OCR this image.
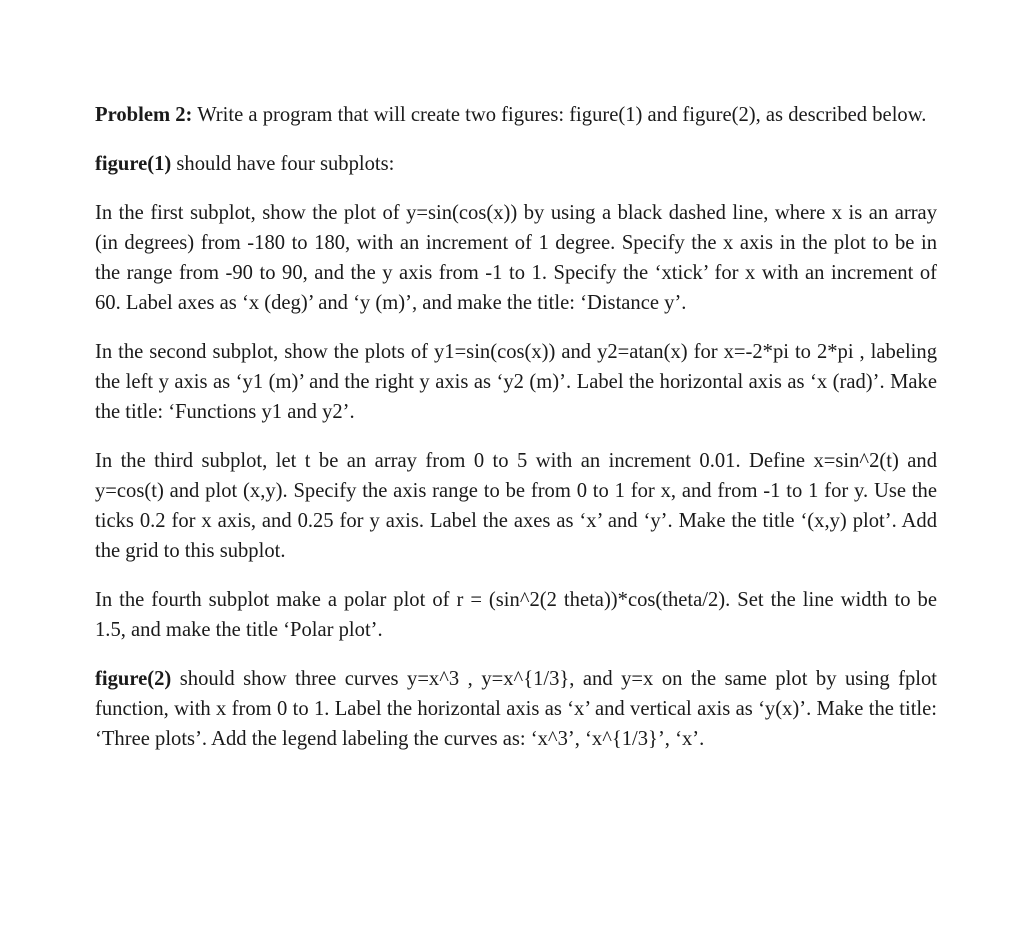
Problem 2: Write a program that will create two figures: figure(1) and figure(2), as described below.

figure(1) should have four subplots:

In the first subplot, show the plot of y=sin(cos(x)) by using a black dashed line, where x is an array (in degrees) from -180 to 180, with an increment of 1 degree. Specify the x axis in the plot to be in the range from -90 to 90, and the y axis from -1 to 1. Specify the ‘xtick’ for x with an increment of 60. Label axes as ‘x (deg)’ and ‘y (m)’, and make the title: ‘Distance y’.

In the second subplot, show the plots of y1=sin(cos(x)) and y2=atan(x) for x=-2*pi to 2*pi , labeling the left y axis as ‘y1 (m)’ and the right y axis as ‘y2 (m)’. Label the horizontal axis as ‘x (rad)’. Make the title: ‘Functions y1 and y2’.

In the third subplot, let t be an array from 0 to 5 with an increment 0.01. Define x=sin^2(t) and y=cos(t) and plot (x,y). Specify the axis range to be from 0 to 1 for x, and from -1 to 1 for y. Use the ticks 0.2 for x axis, and 0.25 for y axis. Label the axes as ‘x’ and ‘y’. Make the title ‘(x,y) plot’. Add the grid to this subplot.

In the fourth subplot make a polar plot of r = (sin^2(2 theta))*cos(theta/2). Set the line width to be 1.5, and make the title ‘Polar plot’.

figure(2) should show three curves y=x^3 , y=x^{1/3}, and y=x on the same plot by using fplot function, with x from 0 to 1. Label the horizontal axis as ‘x’ and vertical axis as ‘y(x)’. Make the title: ‘Three plots’. Add the legend labeling the curves as: ‘x^3’, ‘x^{1/3}’, ‘x’.
